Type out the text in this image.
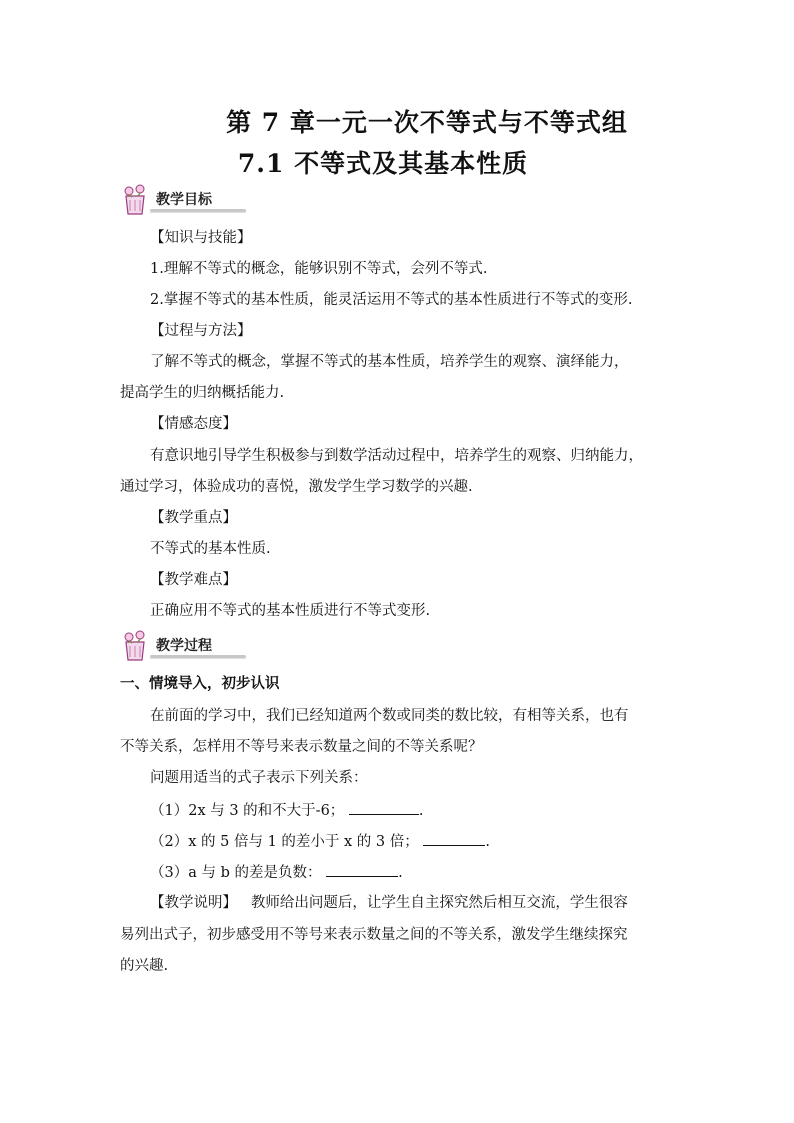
第 7 章一元一次不等式与不等式组
7.1 不等式及其基本性质
教学目标
【知识与技能】
1.理解不等式的概念，能够识别不等式，会列不等式.
2.掌握不等式的基本性质，能灵活运用不等式的基本性质进行不等式的变形.
【过程与方法】
了解不等式的概念，掌握不等式的基本性质，培养学生的观察、演绎能力，
提高学生的归纳概括能力.
【情感态度】
有意识地引导学生积极参与到数学活动过程中，培养学生的观察、归纳能力，
通过学习，体验成功的喜悦，激发学生学习数学的兴趣.
【教学重点】
不等式的基本性质.
【教学难点】
正确应用不等式的基本性质进行不等式变形.
教学过程
一、情境导入，初步认识
在前面的学习中，我们已经知道两个数或同类的数比较，有相等关系，也有
不等关系，怎样用不等号来表示数量之间的不等关系呢？
问题用适当的式子表示下列关系：
（1）2x 与 3 的和不大于-6；	.
（2）x 的 5 倍与 1 的差小于 x 的 3 倍；	.
（3）a 与 b 的差是负数：	.
【教学说明】 教师给出问题后，让学生自主探究然后相互交流，学生很容
易列出式子，初步感受用不等号来表示数量之间的不等关系，激发学生继续探究
的兴趣.
